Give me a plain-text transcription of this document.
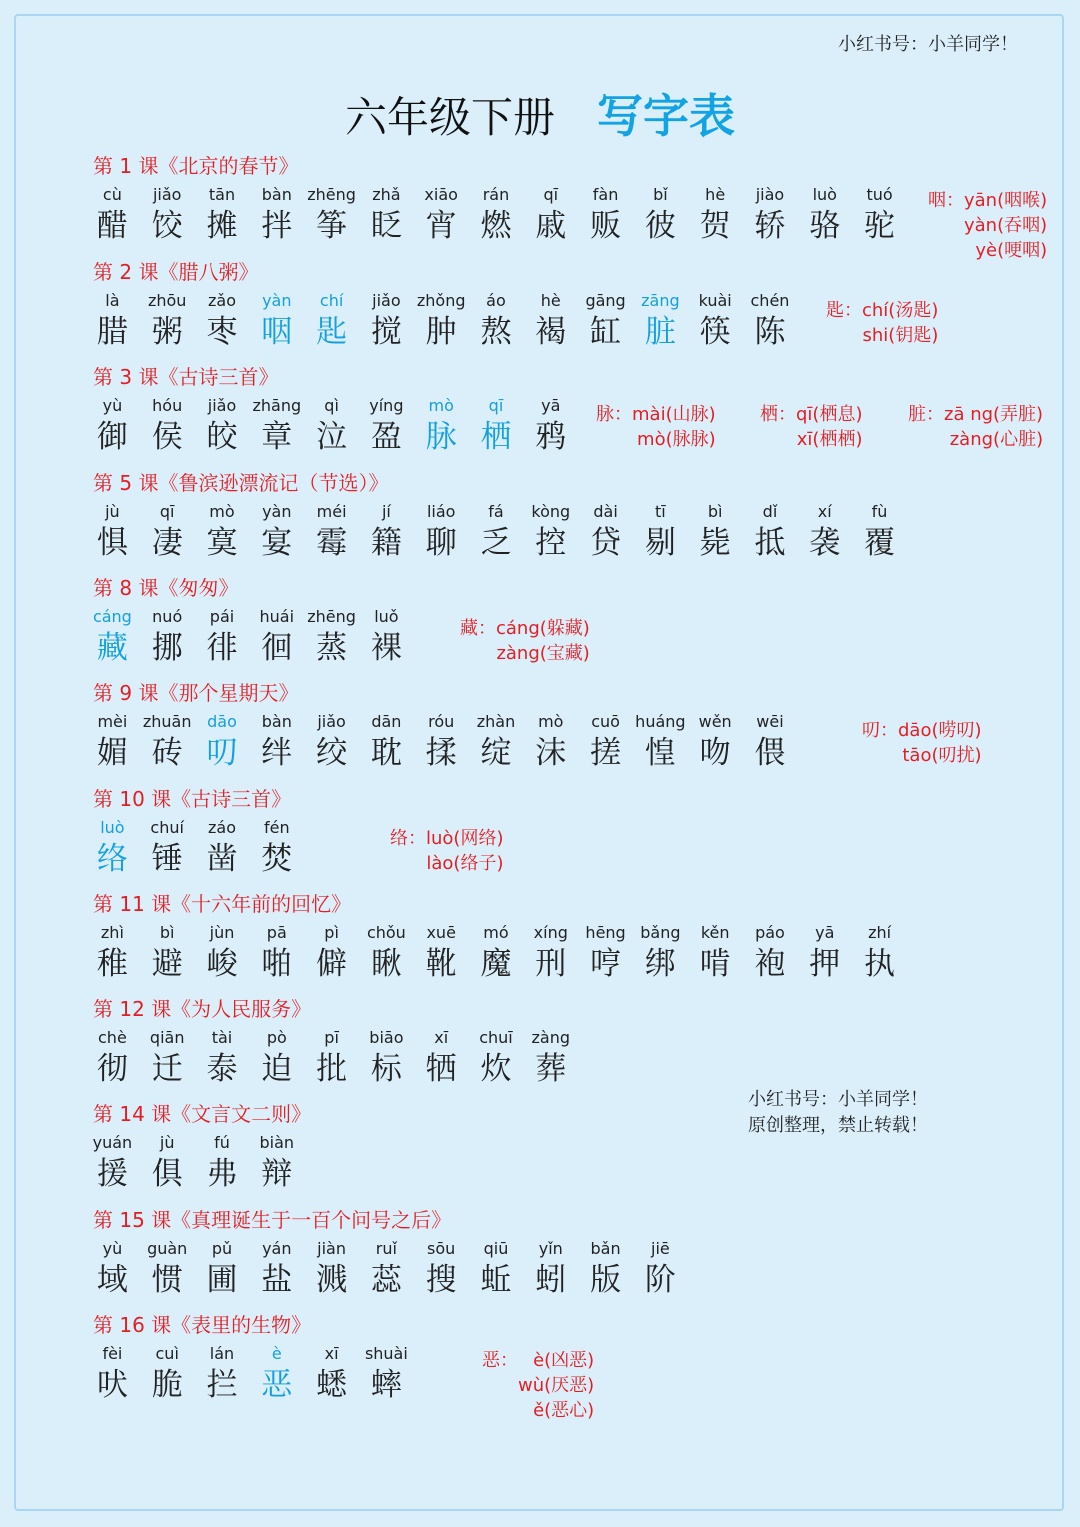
小红书号：小羊同学！
六年级下册 写字表
第 1 课《北京的春节》
cù
醋
jiǎo
饺
tān
摊
bàn
拌
zhēng
筝
zhǎ
眨
xiāo
宵
rán
燃
qī
戚
fàn
贩
bǐ
彼
hè
贺
jiào
轿
luò
骆
tuó
驼
咽： yān(咽喉)
yàn(吞咽)
yè(哽咽)
第 2 课《腊八粥》
là
腊
zhōu
粥
zǎo
枣
yàn
咽
chí
匙
jiǎo
搅
zhǒng
肿
áo
熬
hè
褐
gāng
缸
zāng
脏
kuài
筷
chén
陈
匙： chí(汤匙)
shi(钥匙)
第 3 课《古诗三首》
yù
御
hóu
侯
jiǎo
皎
zhāng
章
qì
泣
yíng
盈
mò
脉
qī
栖
yā
鸦
脉： mài(山脉)
mò(脉脉)
栖： qī(栖息)
xī(栖栖)
脏： zā ng(弄脏)
zàng(心脏)
第 5 课《鲁滨逊漂流记（节选）》
jù
惧
qī
凄
mò
寞
yàn
宴
méi
霉
jí
籍
liáo
聊
fá
乏
kòng
控
dài
贷
tī
剔
bì
毙
dǐ
抵
xí
袭
fù
覆
第 8 课《匆匆》
cáng
藏
nuó
挪
pái
徘
huái
徊
zhēng
蒸
luǒ
裸
藏： cáng(躲藏)
zàng(宝藏)
第 9 课《那个星期天》
mèi
媚
zhuān
砖
dāo
叨
bàn
绊
jiǎo
绞
dān
耽
róu
揉
zhàn
绽
mò
沫
cuō
搓
huáng
惶
wěn
吻
wēi
偎
叨： dāo(唠叨)
tāo(叨扰)
第 10 课《古诗三首》
luò
络
chuí
锤
záo
凿
fén
焚
络： luò(网络)
lào(络子)
第 11 课《十六年前的回忆》
zhì
稚
bì
避
jùn
峻
pā
啪
pì
僻
chǒu
瞅
xuē
靴
mó
魔
xíng
刑
hēng
哼
bǎng
绑
kěn
啃
páo
袍
yā
押
zhí
执
第 12 课《为人民服务》
chè
彻
qiān
迁
tài
泰
pò
迫
pī
批
biāo
标
xī
牺
chuī
炊
zàng
葬
第 14 课《文言文二则》
yuán
援
jù
俱
fú
弗
biàn
辩
第 15 课《真理诞生于一百个问号之后》
yù
域
guàn
惯
pǔ
圃
yán
盐
jiàn
溅
ruǐ
蕊
sōu
搜
qiū
蚯
yǐn
蚓
bǎn
版
jiē
阶
第 16 课《表里的生物》
fèi
吠
cuì
脆
lán
拦
è
恶
xī
蟋
shuài
蟀
恶： è(凶恶)
wù(厌恶)
ě(恶心)
小红书号：小羊同学！
原创整理，禁止转载！
